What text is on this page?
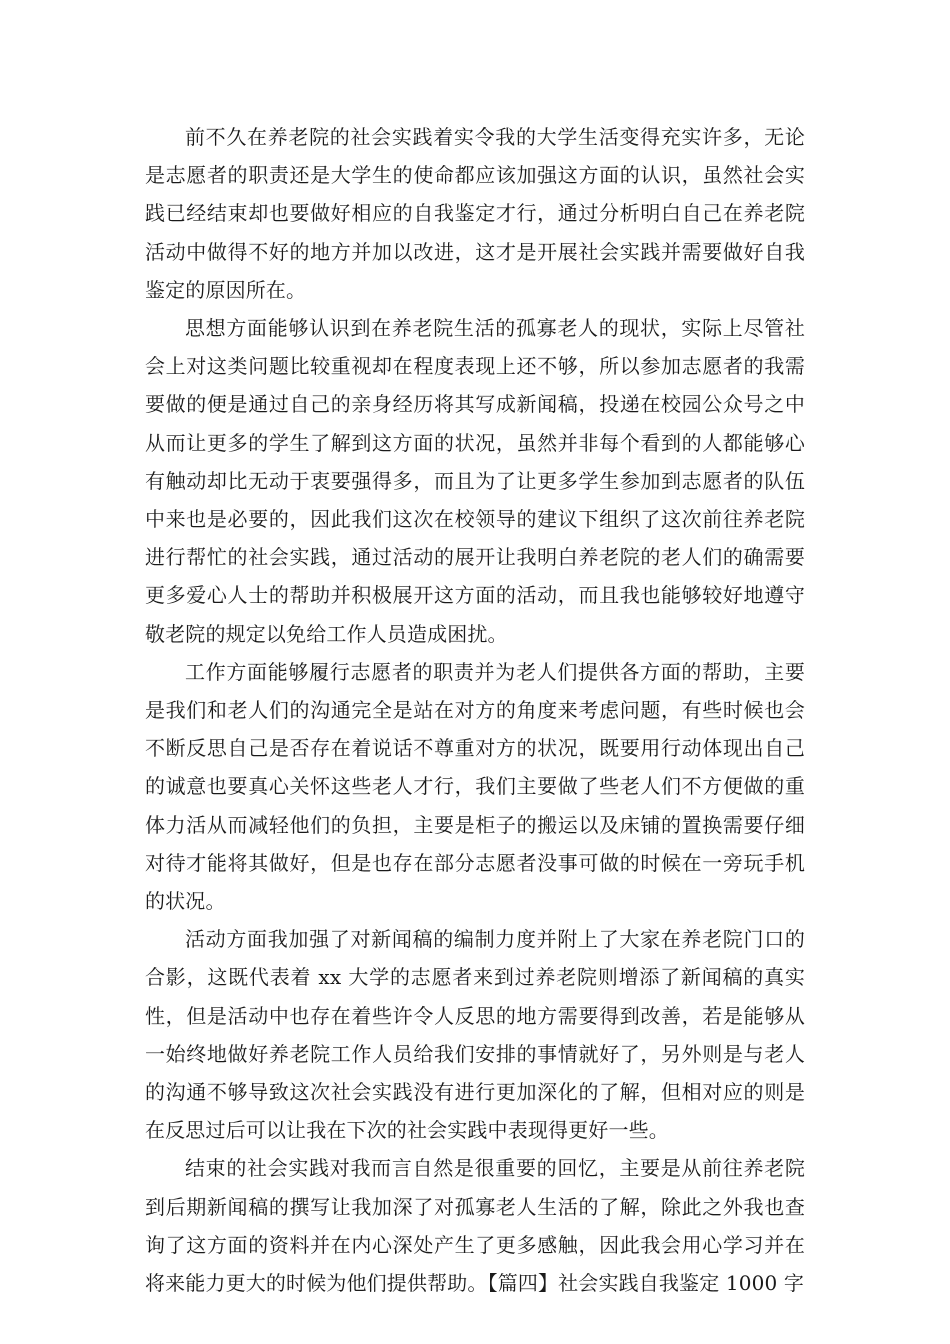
前不久在养老院的社会实践着实令我的大学生活变得充实许多，无论是志愿者的职责还是大学生的使命都应该加强这方面的认识，虽然社会实践已经结束却也要做好相应的自我鉴定才行，通过分析明白自己在养老院活动中做得不好的地方并加以改进，这才是开展社会实践并需要做好自我鉴定的原因所在。

思想方面能够认识到在养老院生活的孤寡老人的现状，实际上尽管社会上对这类问题比较重视却在程度表现上还不够，所以参加志愿者的我需要做的便是通过自己的亲身经历将其写成新闻稿，投递在校园公众号之中从而让更多的学生了解到这方面的状况，虽然并非每个看到的人都能够心有触动却比无动于衷要强得多，而且为了让更多学生参加到志愿者的队伍中来也是必要的，因此我们这次在校领导的建议下组织了这次前往养老院进行帮忙的社会实践，通过活动的展开让我明白养老院的老人们的确需要更多爱心人士的帮助并积极展开这方面的活动，而且我也能够较好地遵守敬老院的规定以免给工作人员造成困扰。

工作方面能够履行志愿者的职责并为老人们提供各方面的帮助，主要是我们和老人们的沟通完全是站在对方的角度来考虑问题，有些时候也会不断反思自己是否存在着说话不尊重对方的状况，既要用行动体现出自己的诚意也要真心关怀这些老人才行，我们主要做了些老人们不方便做的重体力活从而减轻他们的负担，主要是柜子的搬运以及床铺的置换需要仔细对待才能将其做好，但是也存在部分志愿者没事可做的时候在一旁玩手机的状况。

活动方面我加强了对新闻稿的编制力度并附上了大家在养老院门口的合影，这既代表着 xx 大学的志愿者来到过养老院则增添了新闻稿的真实性，但是活动中也存在着些许令人反思的地方需要得到改善，若是能够从一始终地做好养老院工作人员给我们安排的事情就好了，另外则是与老人的沟通不够导致这次社会实践没有进行更加深化的了解，但相对应的则是在反思过后可以让我在下次的社会实践中表现得更好一些。

结束的社会实践对我而言自然是很重要的回忆，主要是从前往养老院到后期新闻稿的撰写让我加深了对孤寡老人生活的了解，除此之外我也查询了这方面的资料并在内心深处产生了更多感触，因此我会用心学习并在将来能力更大的时候为他们提供帮助。【篇四】社会实践自我鉴定 1000 字
